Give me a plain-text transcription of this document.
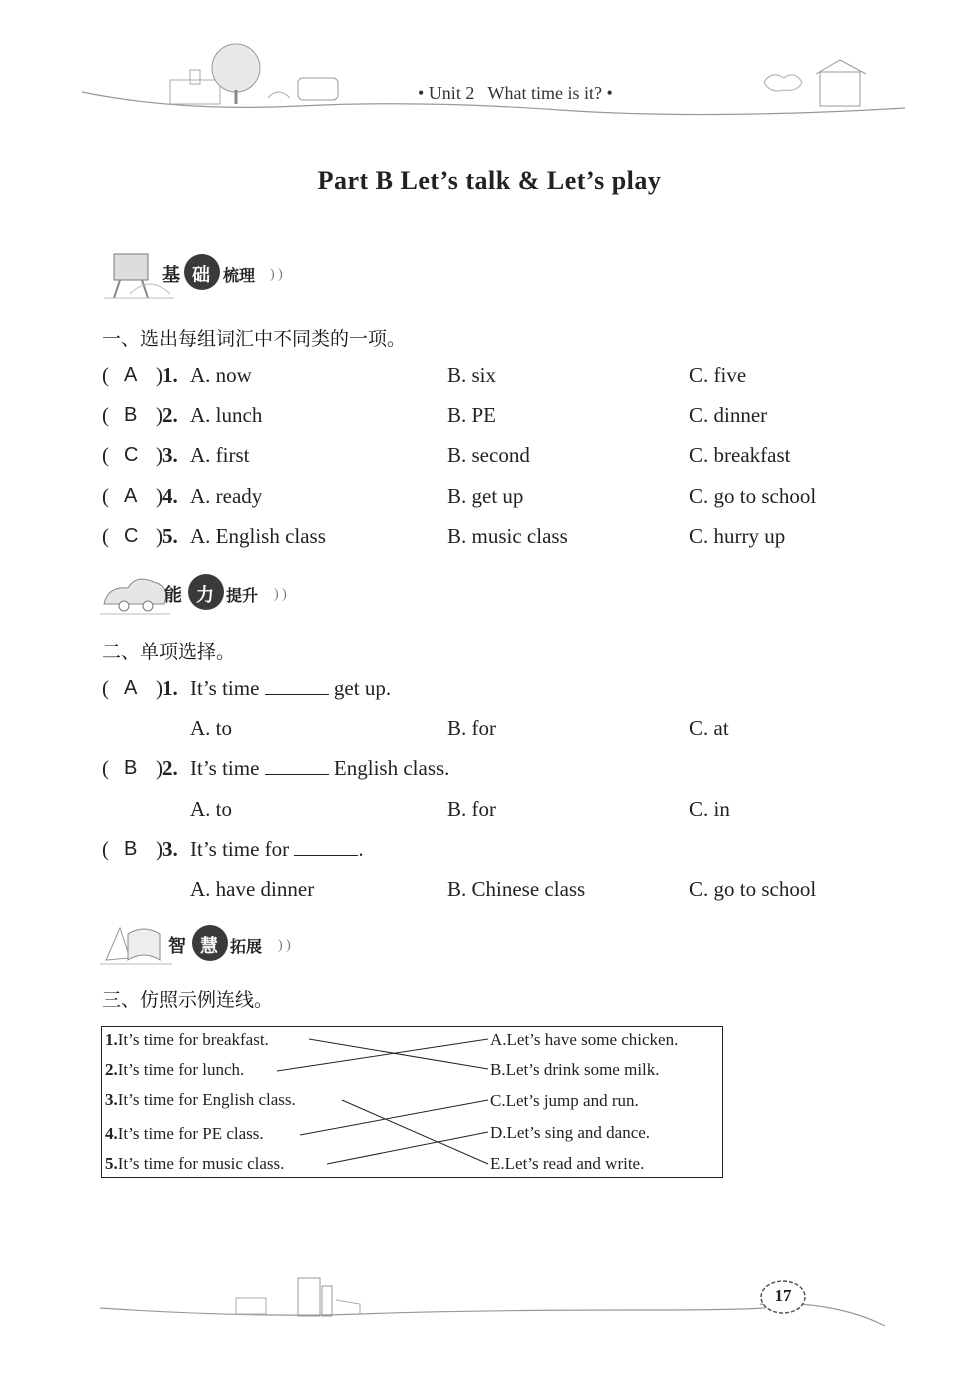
• Unit 2   What time is it? •
Part B Let’s talk & Let’s play
) )
基 础 梳理
一、选出每组词汇中不同类的一项。
( A ) 1. A. now	B. six	C. five
( B ) 2. A. lunch	B. PE	C. dinner
( C ) 3. A. first	B. second	C. breakfast
( A ) 4. A. ready	B. get up	C. go to school
( C ) 5. A. English class	B. music class	C. hurry up
) )
能 力 提升
二、单项选择。
( A ) 1. It’s time	get up.
A. to	B. for	C. at
( B ) 2. It’s time	English class.
A. to	B. for	C. in
( B ) 3. It’s time for	.
A. have dinner	B. Chinese class	C. go to school
) )
智 慧 拓展
三、仿照示例连线。
1.It’s time for breakfast.
2.It’s time for lunch.
3.It’s time for English class.
4.It’s time for PE class.
5.It’s time for music class.
A.Let’s have some chicken.
B.Let’s drink some milk.
C.Let’s jump and run.
D.Let’s sing and dance.
E.Let’s read and write.
17
